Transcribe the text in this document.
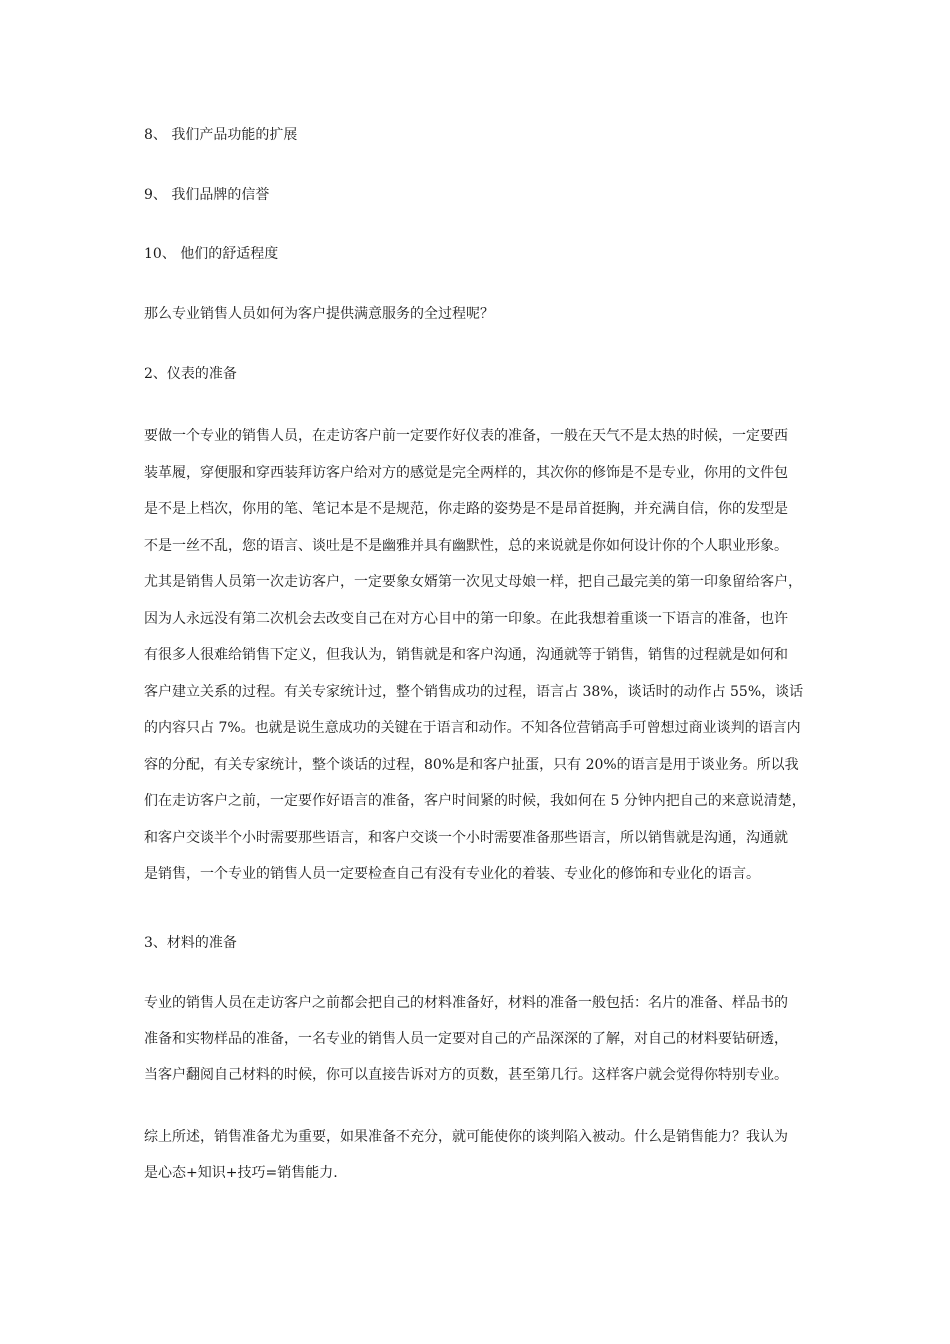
8、 我们产品功能的扩展

9、 我们品牌的信誉

10、 他们的舒适程度

那么专业销售人员如何为客户提供满意服务的全过程呢？

2、仪表的准备

要做一个专业的销售人员，在走访客户前一定要作好仪表的准备，一般在天气不是太热的时候，一定要西
装革履，穿便服和穿西装拜访客户给对方的感觉是完全两样的，其次你的修饰是不是专业，你用的文件包
是不是上档次，你用的笔、笔记本是不是规范，你走路的姿势是不是昂首挺胸，并充满自信，你的发型是
不是一丝不乱，您的语言、谈吐是不是幽雅并具有幽默性，总的来说就是你如何设计你的个人职业形象。
尤其是销售人员第一次走访客户，一定要象女婿第一次见丈母娘一样，把自己最完美的第一印象留给客户，
因为人永远没有第二次机会去改变自己在对方心目中的第一印象。在此我想着重谈一下语言的准备，也许
有很多人很难给销售下定义，但我认为，销售就是和客户沟通，沟通就等于销售，销售的过程就是如何和
客户建立关系的过程。有关专家统计过，整个销售成功的过程，语言占 38%，谈话时的动作占 55%，谈话
的内容只占 7%。也就是说生意成功的关键在于语言和动作。不知各位营销高手可曾想过商业谈判的语言内
容的分配，有关专家统计，整个谈话的过程，80%是和客户扯蛋，只有 20%的语言是用于谈业务。所以我
们在走访客户之前，一定要作好语言的准备，客户时间紧的时候，我如何在 5 分钟内把自己的来意说清楚，
和客户交谈半个小时需要那些语言，和客户交谈一个小时需要准备那些语言，所以销售就是沟通，沟通就
是销售，一个专业的销售人员一定要检查自己有没有专业化的着装、专业化的修饰和专业化的语言。

3、材料的准备

专业的销售人员在走访客户之前都会把自己的材料准备好，材料的准备一般包括：名片的准备、样品书的
准备和实物样品的准备，一名专业的销售人员一定要对自己的产品深深的了解，对自己的材料要钻研透，
当客户翻阅自己材料的时候，你可以直接告诉对方的页数，甚至第几行。这样客户就会觉得你特别专业。
综上所述，销售准备尤为重要，如果准备不充分，就可能使你的谈判陷入被动。什么是销售能力？我认为
是心态+知识+技巧=销售能力.
